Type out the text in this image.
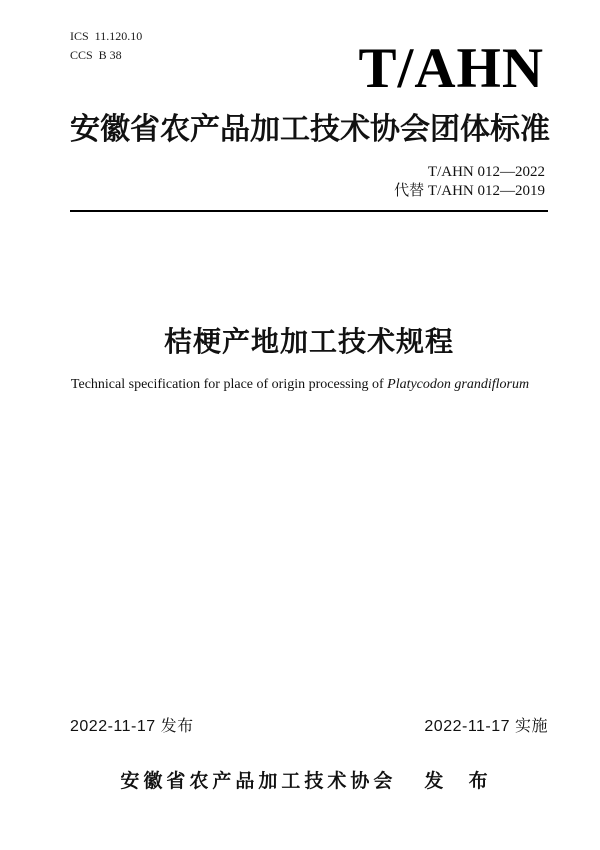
ICS  11.120.10
CCS  B 38	T/AHN
安徽省农产品加工技术协会团体标准
T/AHN 012—2022
代替 T/AHN 012—2019
桔梗产地加工技术规程
Technical specification for place of origin processing of Platycodon grandiflorum
2022-11-17 发布	2022-11-17 实施
安徽省农产品加工技术协会 发 布
